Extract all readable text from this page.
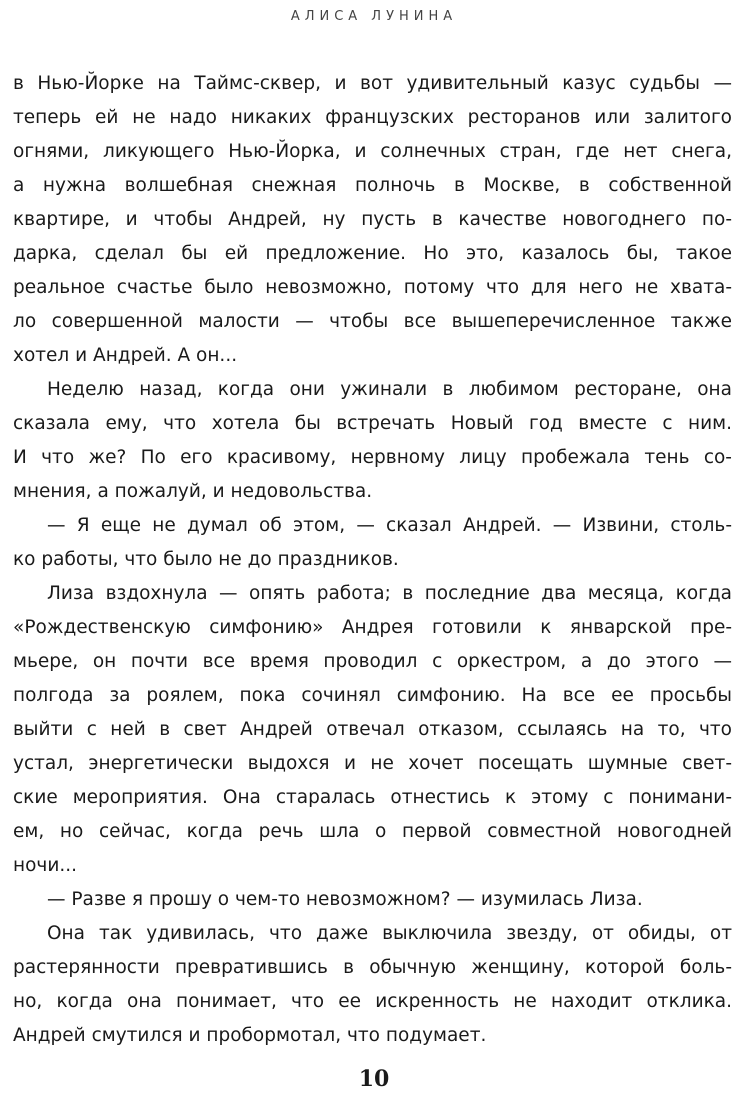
АЛИСА ЛУНИНА
в Нью-Йорке на Таймс-сквер, и вот удивительный казус судьбы —
теперь ей не надо никаких французских ресторанов или залитого
огнями, ликующего Нью-Йорка, и солнечных стран, где нет снега,
а нужна волшебная снежная полночь в Москве, в собственной
квартире, и чтобы Андрей, ну пусть в качестве новогоднего по-
дарка, сделал бы ей предложение. Но это, казалось бы, такое
реальное счастье было невозможно, потому что для него не хвата-
ло совершенной малости — чтобы все вышеперечисленное также
хотел и Андрей. А он...
Неделю назад, когда они ужинали в любимом ресторане, она
сказала ему, что хотела бы встречать Новый год вместе с ним.
И что же? По его красивому, нервному лицу пробежала тень со-
мнения, а пожалуй, и недовольства.
— Я еще не думал об этом, — сказал Андрей. — Извини, столь-
ко работы, что было не до праздников.
Лиза вздохнула — опять работа; в последние два месяца, когда
«Рождественскую симфонию» Андрея готовили к январской пре-
мьере, он почти все время проводил с оркестром, а до этого —
полгода за роялем, пока сочинял симфонию. На все ее просьбы
выйти с ней в свет Андрей отвечал отказом, ссылаясь на то, что
устал, энергетически выдохся и не хочет посещать шумные свет-
ские мероприятия. Она старалась отнестись к этому с понимани-
ем, но сейчас, когда речь шла о первой совместной новогодней
ночи...
— Разве я прошу о чем-то невозможном? — изумилась Лиза.
Она так удивилась, что даже выключила звезду, от обиды, от
растерянности превратившись в обычную женщину, которой боль-
но, когда она понимает, что ее искренность не находит отклика.
Андрей смутился и пробормотал, что подумает.
10
